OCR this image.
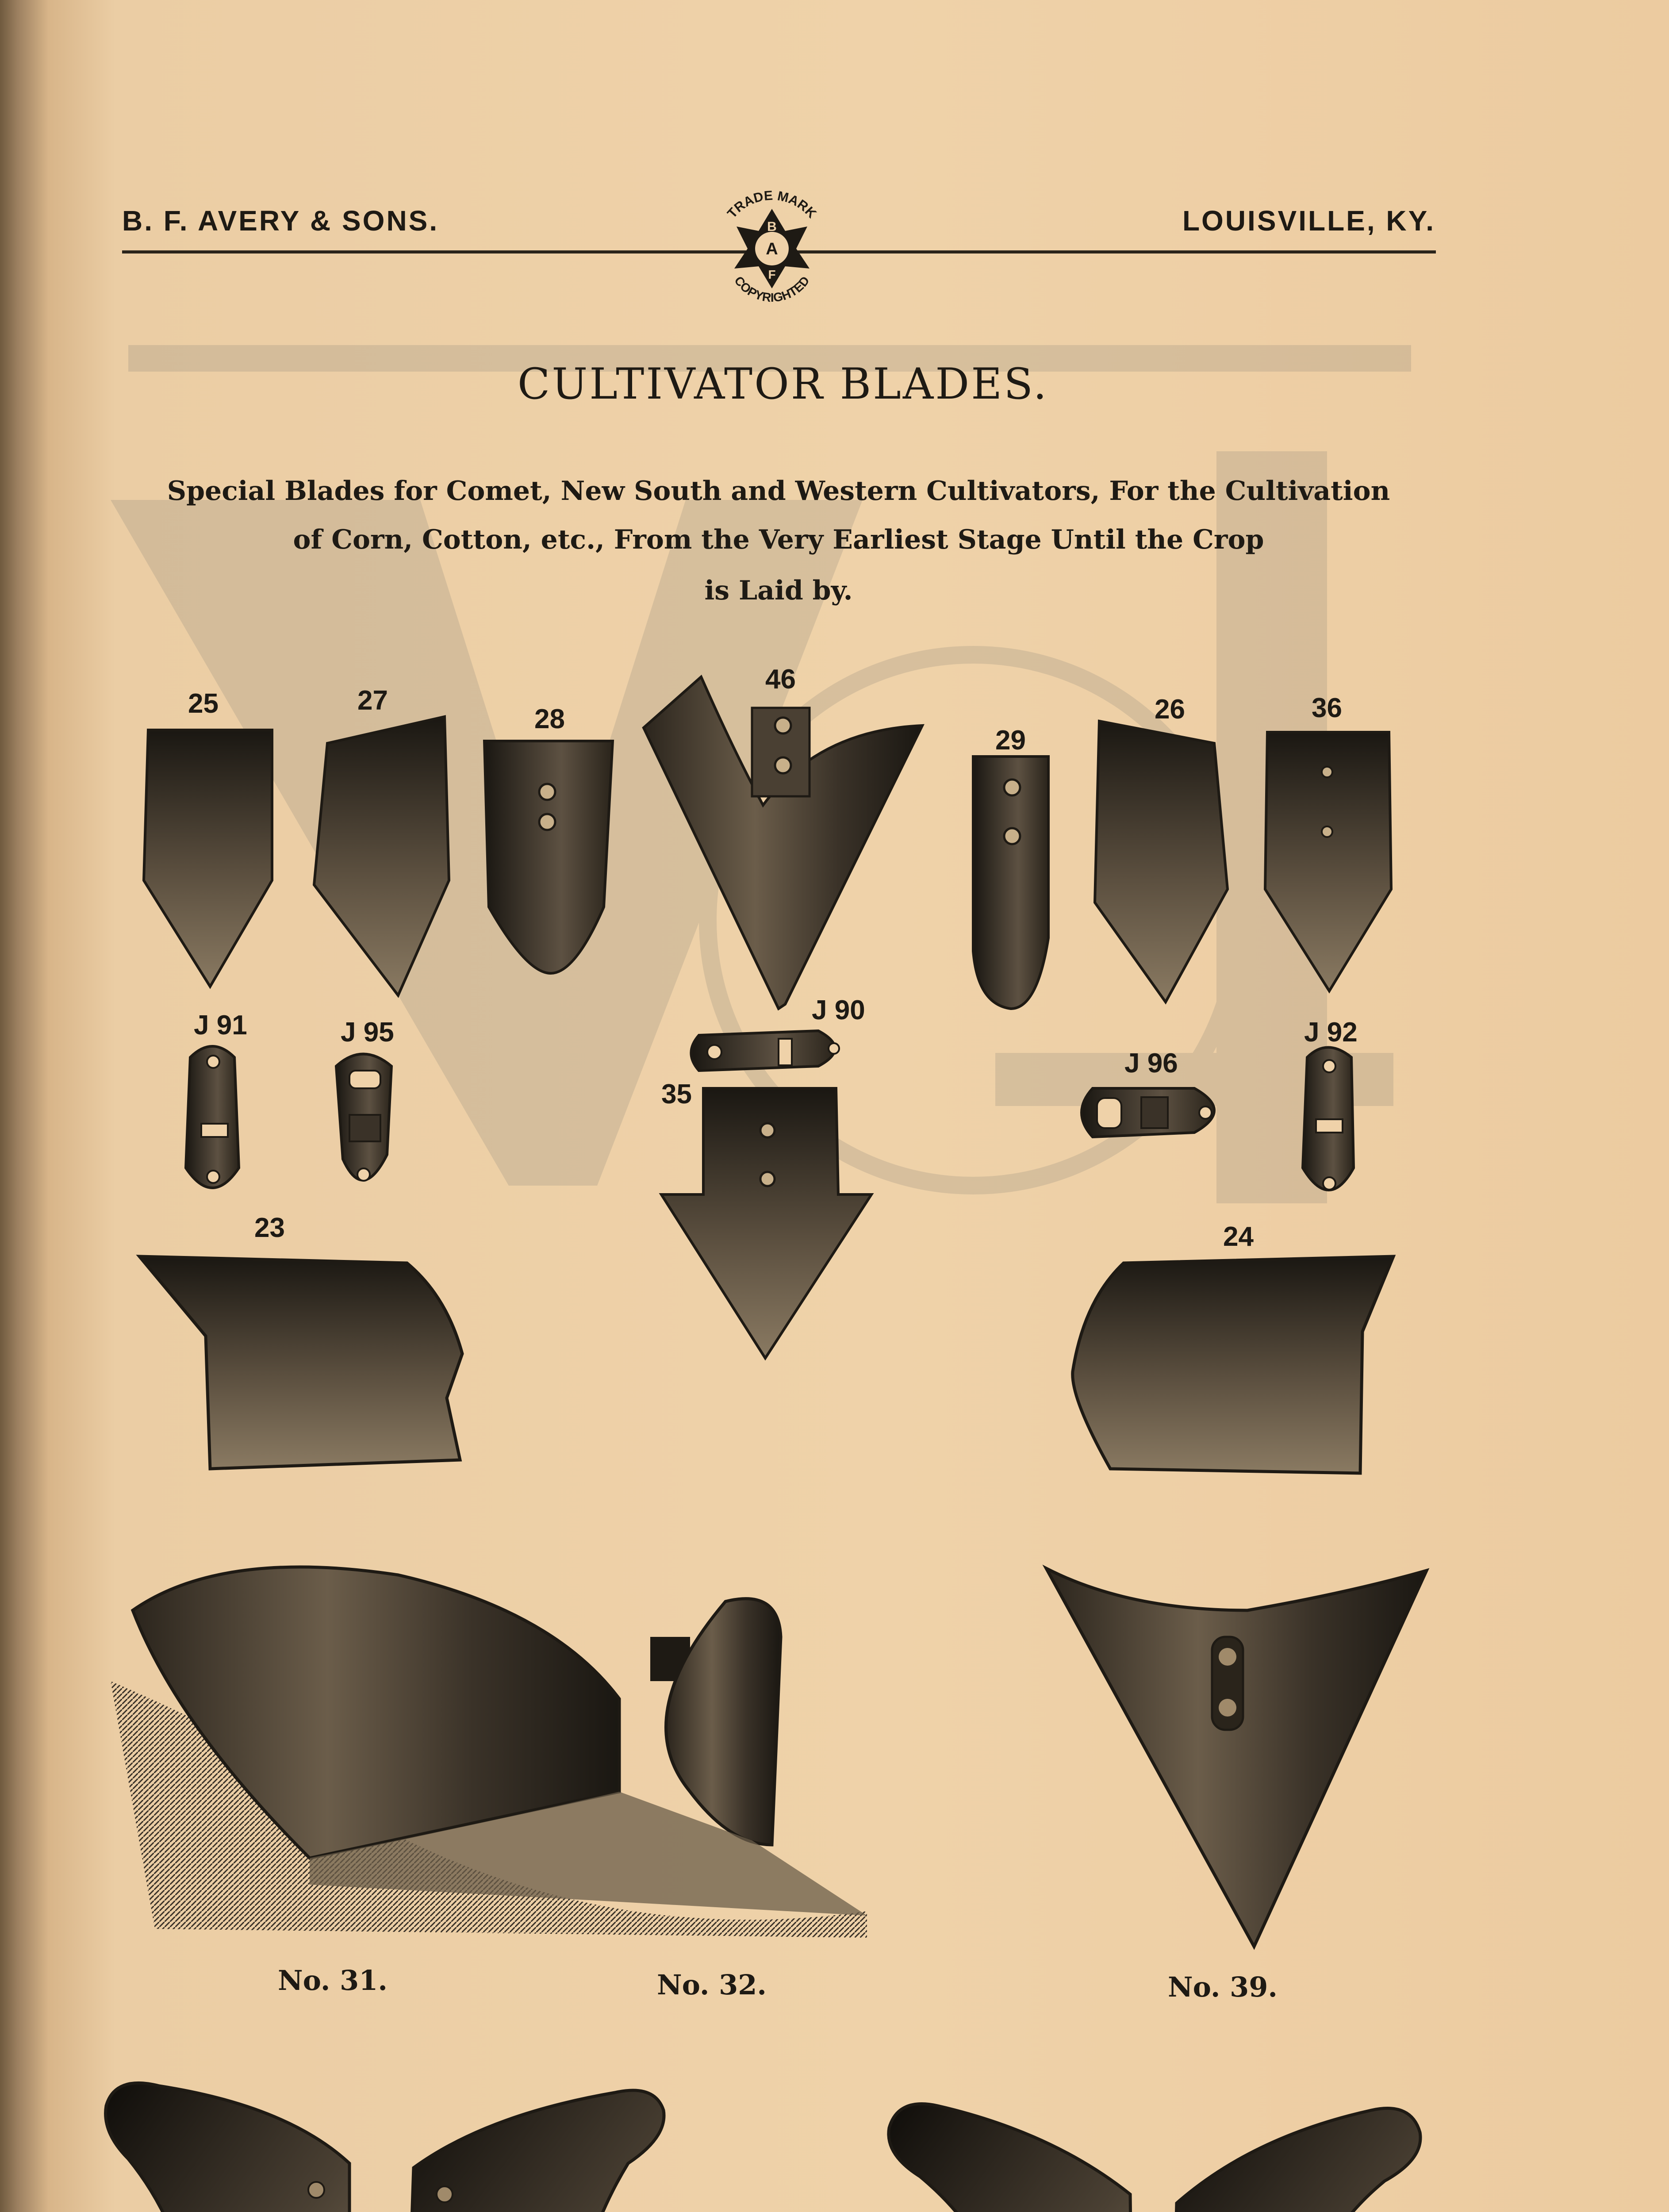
B. F. AVERY & SONS.	LOUISVILLE, KY.
TRADE MARK
COPYRIGHTED
B
A
F
CULTIVATOR BLADES.
Special Blades for Comet, New South and Western Cultivators, For the Cultivation
of Corn, Cotton, etc., From the Very Earliest Stage Until the Crop
is Laid by.
25	27
28
46
29
26	36
J 91	J 95
J 90
35
J 96
J 92
23	24
No. 31.	No. 32.	No. 39.
